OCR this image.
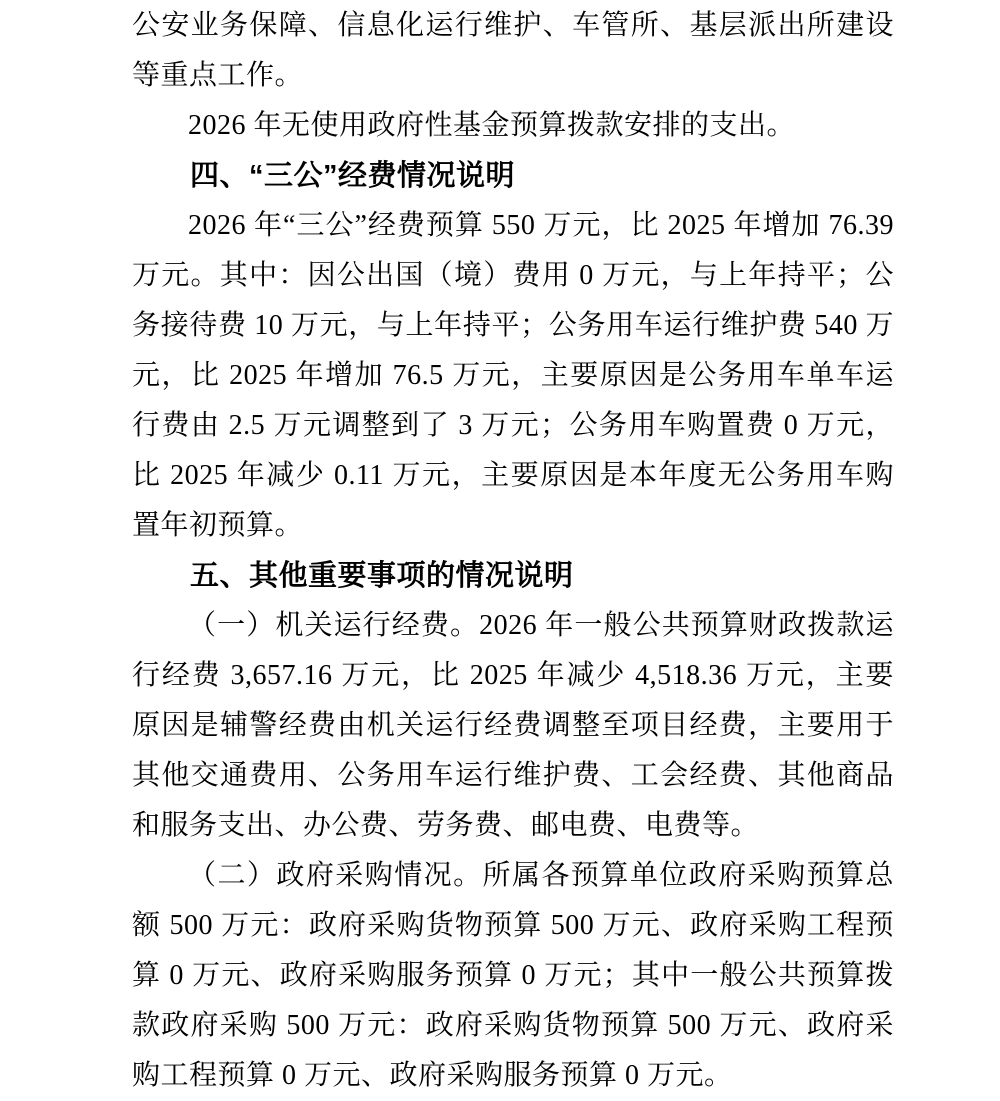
公安业务保障、信息化运行维护、车管所、基层派出所建设等重点工作。

2026 年无使用政府性基金预算拨款安排的支出。

四、“三公”经费情况说明

2026 年“三公”经费预算 550 万元，比 2025 年增加 76.39 万元。其中：因公出国（境）费用 0 万元，与上年持平；公务接待费 10 万元，与上年持平；公务用车运行维护费 540 万元，比 2025 年增加 76.5 万元，主要原因是公务用车单车运行费由 2.5 万元调整到了 3 万元；公务用车购置费 0 万元，比 2025 年减少 0.11 万元，主要原因是本年度无公务用车购置年初预算。

五、其他重要事项的情况说明

（一）机关运行经费。2026 年一般公共预算财政拨款运行经费 3,657.16 万元，比 2025 年减少 4,518.36 万元，主要原因是辅警经费由机关运行经费调整至项目经费，主要用于其他交通费用、公务用车运行维护费、工会经费、其他商品和服务支出、办公费、劳务费、邮电费、电费等。

（二）政府采购情况。所属各预算单位政府采购预算总额 500 万元：政府采购货物预算 500 万元、政府采购工程预算 0 万元、政府采购服务预算 0 万元；其中一般公共预算拨款政府采购 500 万元：政府采购货物预算 500 万元、政府采购工程预算 0 万元、政府采购服务预算 0 万元。
